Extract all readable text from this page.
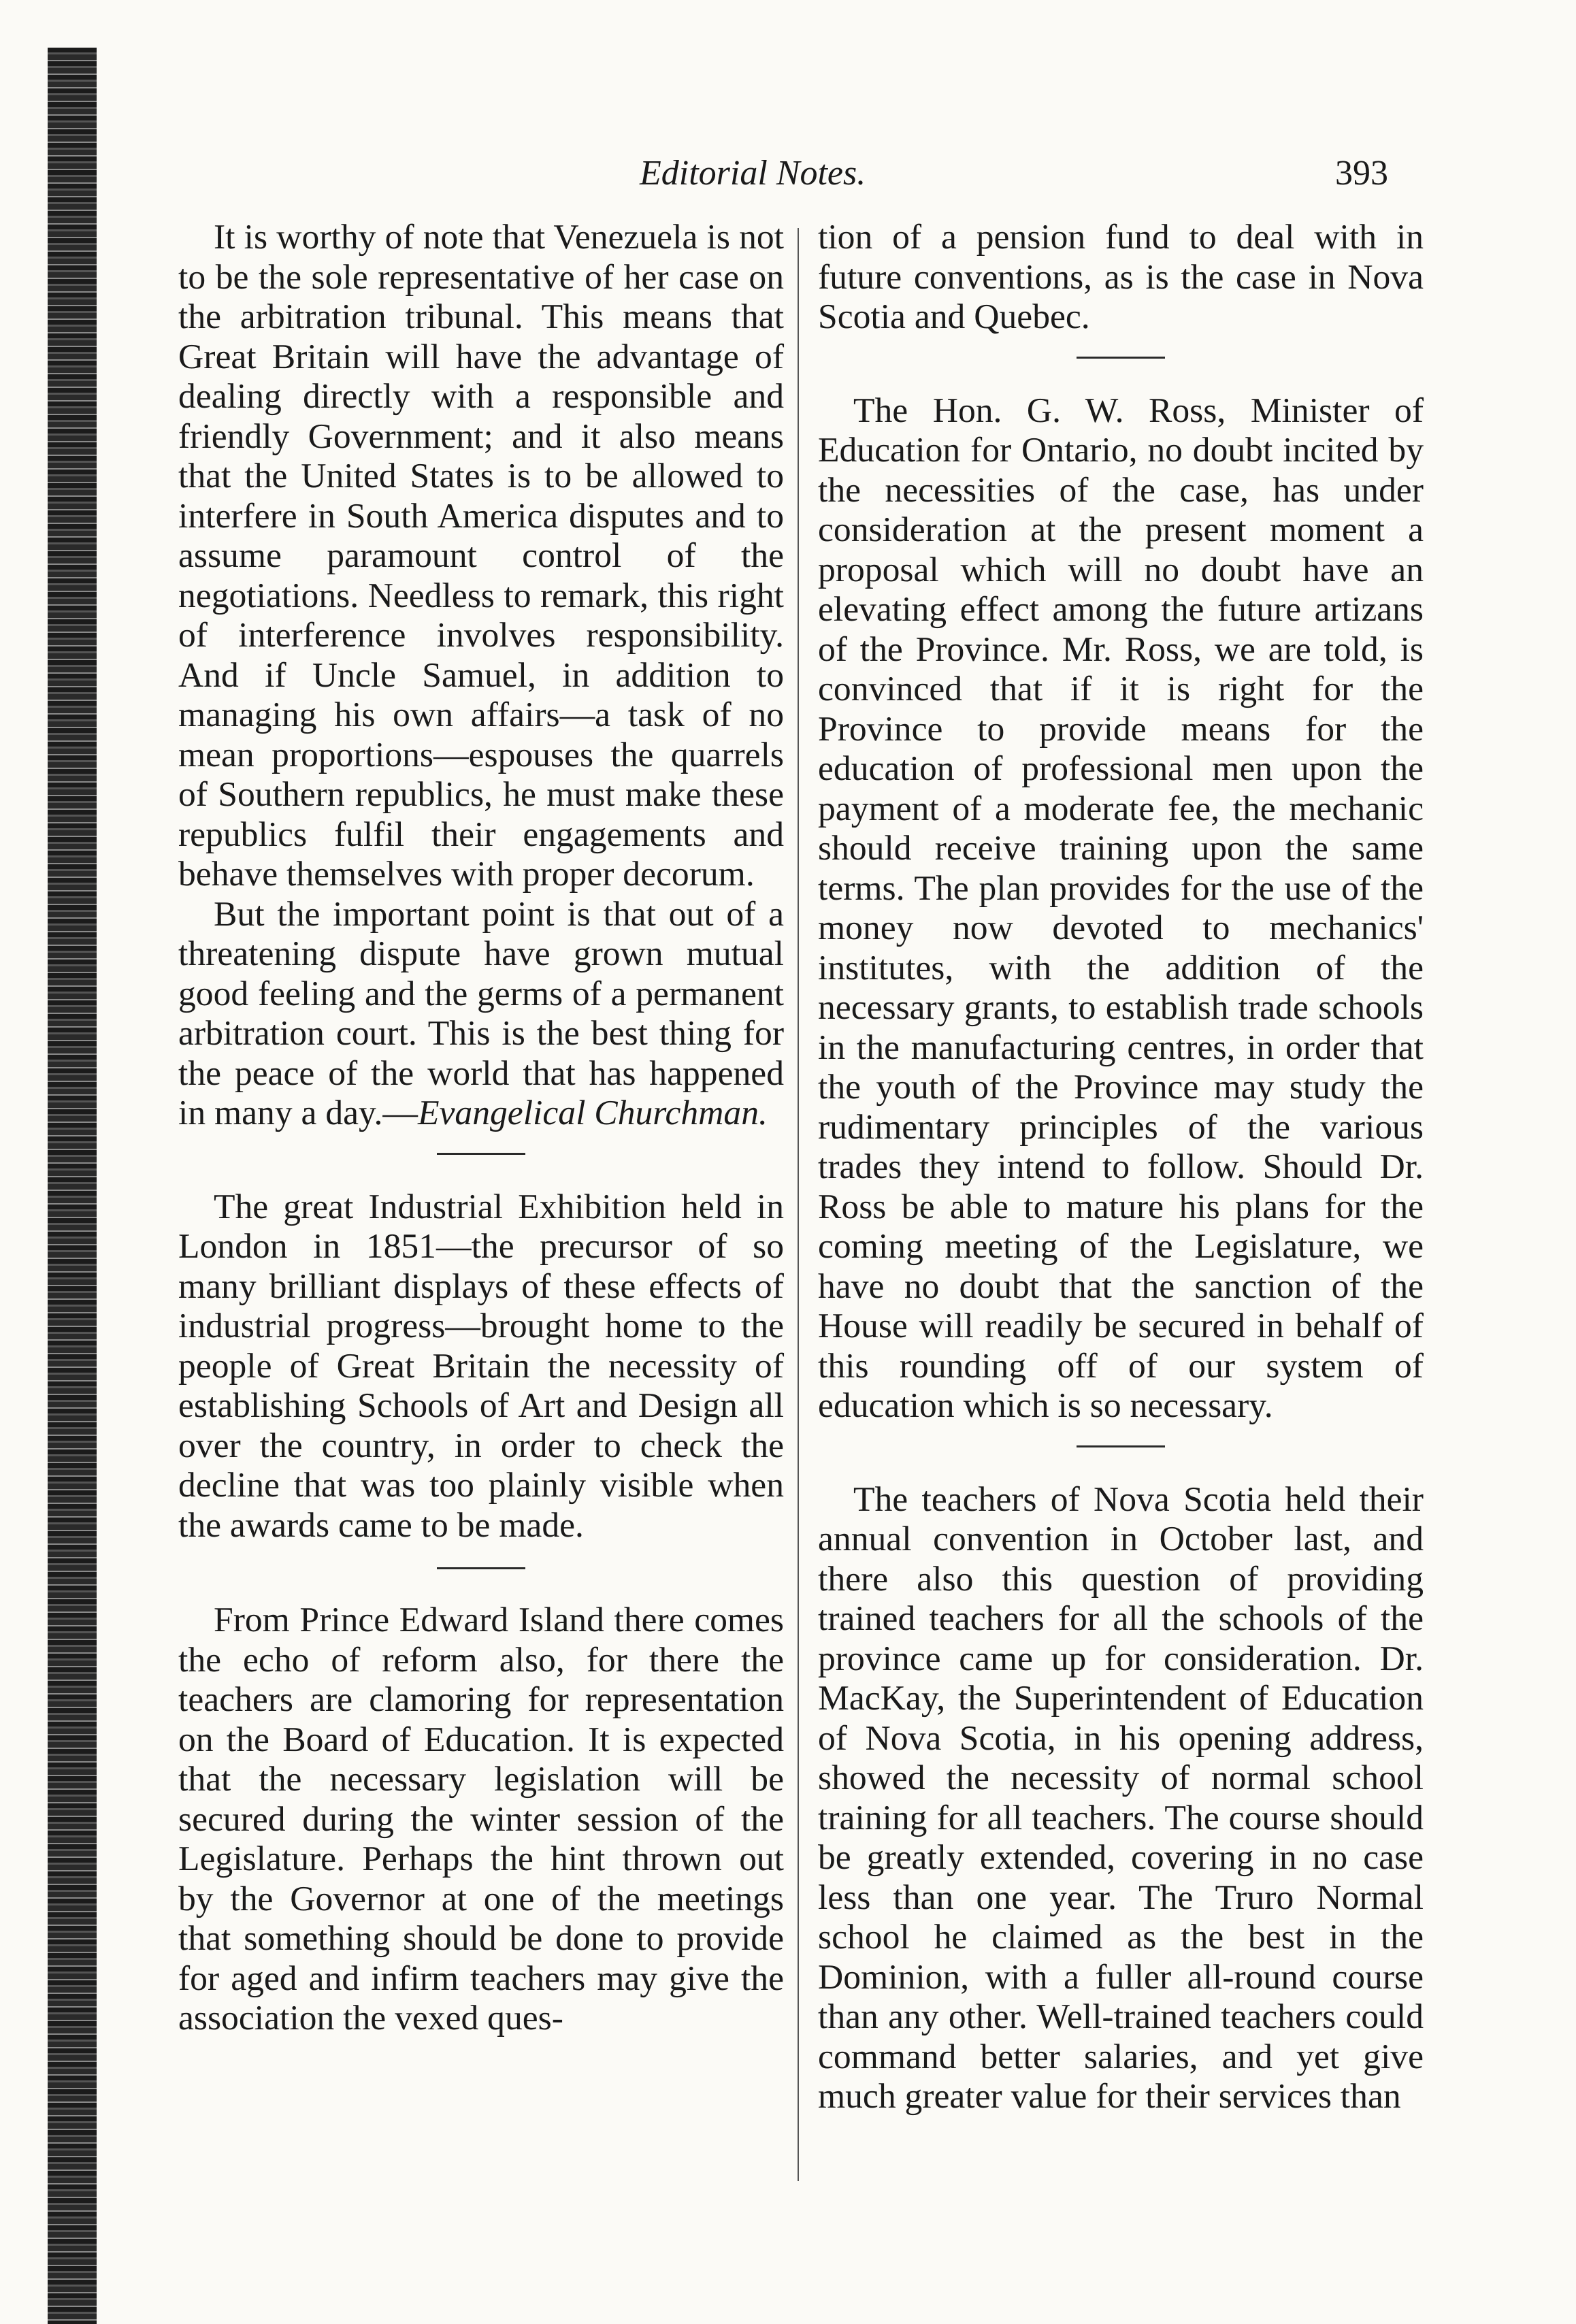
Editorial Notes.	393

It is worthy of note that Venezuela is not to be the sole representative of her case on the arbitration tribunal. This means that Great Britain will have the advantage of dealing directly with a responsible and friendly Government; and it also means that the United States is to be allowed to interfere in South America disputes and to assume paramount control of the negotiations. Needless to remark, this right of interference involves responsibility. And if Uncle Samuel, in addition to managing his own affairs—a task of no mean proportions—espouses the quarrels of Southern republics, he must make these republics fulfil their engagements and behave themselves with proper decorum.

But the important point is that out of a threatening dispute have grown mutual good feeling and the germs of a permanent arbitration court. This is the best thing for the peace of the world that has happened in many a day.—Evangelical Churchman.

The great Industrial Exhibition held in London in 1851—the precursor of so many brilliant displays of these effects of industrial progress—brought home to the people of Great Britain the necessity of establishing Schools of Art and Design all over the country, in order to check the decline that was too plainly visible when the awards came to be made.

From Prince Edward Island there comes the echo of reform also, for there the teachers are clamoring for representation on the Board of Education. It is expected that the necessary legislation will be secured during the winter session of the Legislature. Perhaps the hint thrown out by the Governor at one of the meetings that something should be done to provide for aged and infirm teachers may give the association the vexed ques-

tion of a pension fund to deal with in future conventions, as is the case in Nova Scotia and Quebec.

The Hon. G. W. Ross, Minister of Education for Ontario, no doubt incited by the necessities of the case, has under consideration at the present moment a proposal which will no doubt have an elevating effect among the future artizans of the Province. Mr. Ross, we are told, is convinced that if it is right for the Province to provide means for the education of professional men upon the payment of a moderate fee, the mechanic should receive training upon the same terms. The plan provides for the use of the money now devoted to mechanics' institutes, with the addition of the necessary grants, to establish trade schools in the manufacturing centres, in order that the youth of the Province may study the rudimentary principles of the various trades they intend to follow. Should Dr. Ross be able to mature his plans for the coming meeting of the Legislature, we have no doubt that the sanction of the House will readily be secured in behalf of this rounding off of our system of education which is so necessary.

The teachers of Nova Scotia held their annual convention in October last, and there also this question of providing trained teachers for all the schools of the province came up for consideration. Dr. MacKay, the Superintendent of Education of Nova Scotia, in his opening address, showed the necessity of normal school training for all teachers. The course should be greatly extended, covering in no case less than one year. The Truro Normal school he claimed as the best in the Dominion, with a fuller all-round course than any other. Well-trained teachers could command better salaries, and yet give much greater value for their services than
